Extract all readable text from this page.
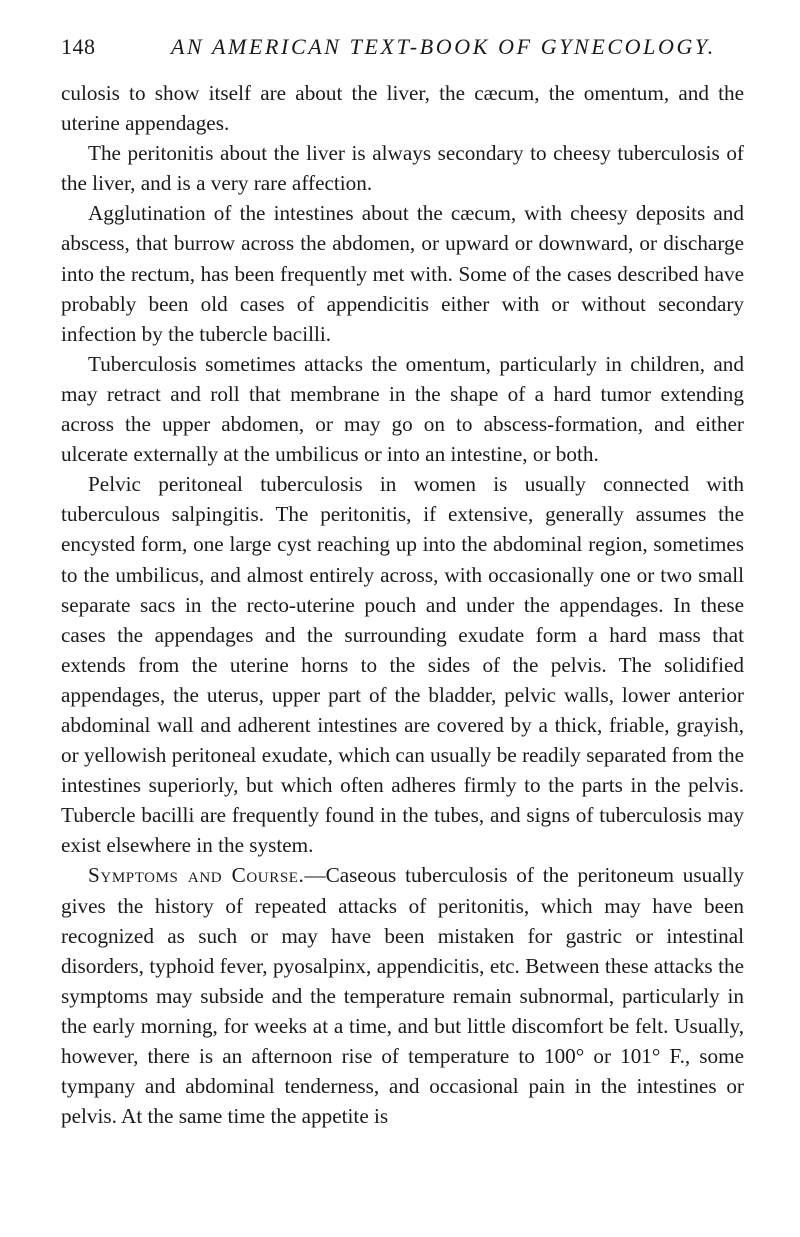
148	AN AMERICAN TEXT-BOOK OF GYNECOLOGY.

culosis to show itself are about the liver, the cæcum, the omentum, and the uterine appendages.

The peritonitis about the liver is always secondary to cheesy tuberculosis of the liver, and is a very rare affection.

Agglutination of the intestines about the cæcum, with cheesy deposits and abscess, that burrow across the abdomen, or upward or downward, or discharge into the rectum, has been frequently met with. Some of the cases described have probably been old cases of appendicitis either with or without secondary infection by the tubercle bacilli.

Tuberculosis sometimes attacks the omentum, particularly in children, and may retract and roll that membrane in the shape of a hard tumor extending across the upper abdomen, or may go on to abscess-formation, and either ulcerate externally at the umbilicus or into an intestine, or both.

Pelvic peritoneal tuberculosis in women is usually connected with tuberculous salpingitis. The peritonitis, if extensive, generally assumes the encysted form, one large cyst reaching up into the abdominal region, sometimes to the umbilicus, and almost entirely across, with occasionally one or two small separate sacs in the recto-uterine pouch and under the appendages. In these cases the appendages and the surrounding exudate form a hard mass that extends from the uterine horns to the sides of the pelvis. The solidified appendages, the uterus, upper part of the bladder, pelvic walls, lower anterior abdominal wall and adherent intestines are covered by a thick, friable, grayish, or yellowish peritoneal exudate, which can usually be readily separated from the intestines superiorly, but which often adheres firmly to the parts in the pelvis. Tubercle bacilli are frequently found in the tubes, and signs of tuberculosis may exist elsewhere in the system.

Symptoms and Course.—Caseous tuberculosis of the peritoneum usually gives the history of repeated attacks of peritonitis, which may have been recognized as such or may have been mistaken for gastric or intestinal disorders, typhoid fever, pyosalpinx, appendicitis, etc. Between these attacks the symptoms may subside and the temperature remain subnormal, particularly in the early morning, for weeks at a time, and but little discomfort be felt. Usually, however, there is an afternoon rise of temperature to 100° or 101° F., some tympany and abdominal tenderness, and occasional pain in the intestines or pelvis. At the same time the appetite is
